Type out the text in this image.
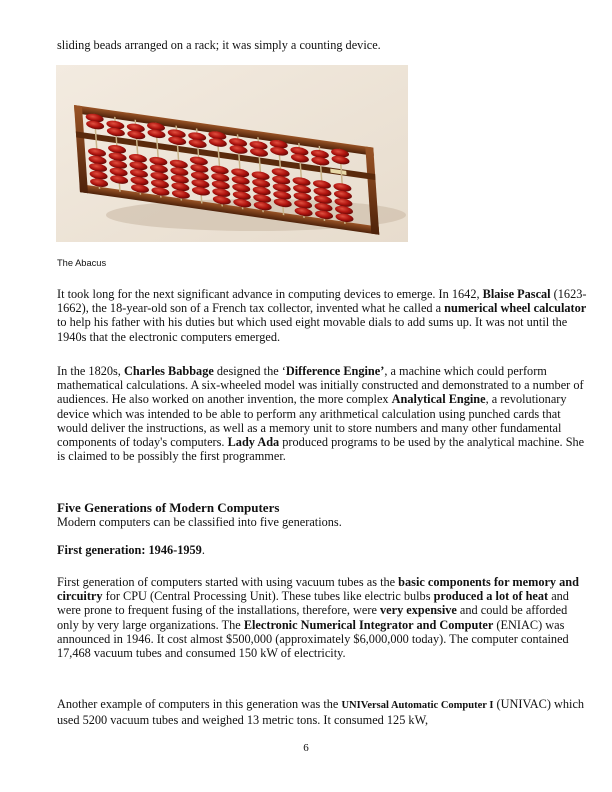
sliding beads arranged on a rack; it was simply a counting device.

The Abacus

It took long for the next significant advance in computing devices to emerge. In 1642, Blaise Pascal (1623-1662), the 18-year-old son of a French tax collector, invented what he called a numerical wheel calculator to help his father with his duties but which used eight movable dials to add sums up. It was not until the 1940s that the electronic computers emerged.

In the 1820s, Charles Babbage designed the ‘Difference Engine’, a machine which could perform mathematical calculations. A six-wheeled model was initially constructed and demonstrated to a number of audiences. He also worked on another invention, the more complex Analytical Engine, a revolutionary device which was intended to be able to perform any arithmetical calculation using punched cards that would deliver the instructions, as well as a memory unit to store numbers and many other fundamental components of today's computers. Lady Ada produced programs to be used by the analytical machine. She is claimed to be possibly the first programmer.

Five Generations of Modern Computers

Modern computers can be classified into five generations.

First generation: 1946-1959.

First generation of computers started with using vacuum tubes as the basic components for memory and circuitry for CPU (Central Processing Unit). These tubes like electric bulbs produced a lot of heat and were prone to frequent fusing of the installations, therefore, were very expensive and could be afforded only by very large organizations. The Electronic Numerical Integrator and Computer (ENIAC) was announced in 1946. It cost almost $500,000 (approximately $6,000,000 today). The computer contained 17,468 vacuum tubes and consumed 150 kW of electricity.

Another example of computers in this generation was the UNIVersal Automatic Computer I (UNIVAC) which used 5200 vacuum tubes and weighed 13 metric tons. It consumed 125 kW,

6
